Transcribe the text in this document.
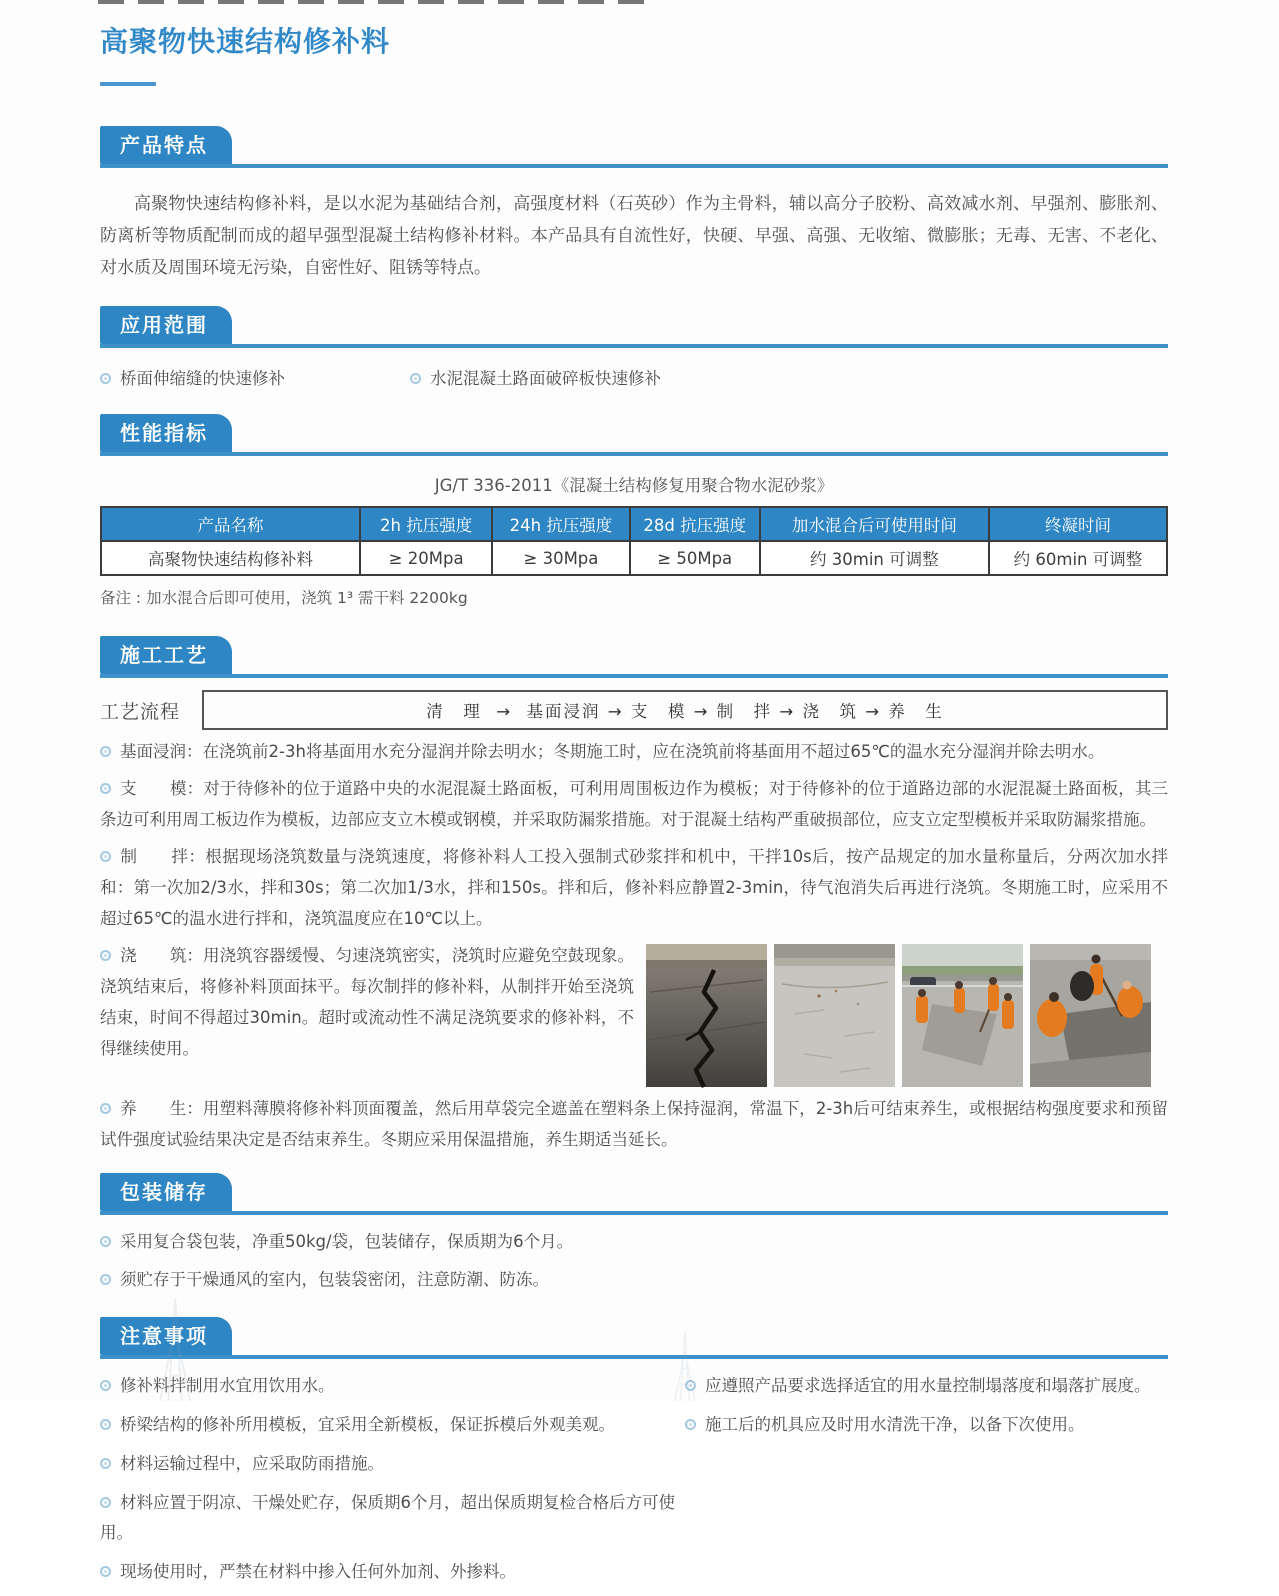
高聚物快速结构修补料
产品特点

高聚物快速结构修补料，是以水泥为基础结合剂，高强度材料（石英砂）作为主骨料，辅以高分子胶粉、高效减水剂、早强剂、膨胀剂、防离析等物质配制而成的超早强型混凝土结构修补材料。本产品具有自流性好，快硬、早强、高强、无收缩、微膨胀；无毒、无害、不老化、对水质及周围环境无污染，自密性好、阻锈等特点。

应用范围

桥面伸缩缝的快速修补	水泥混凝土路面破碎板快速修补

性能指标

JG/T 336-2011《混凝土结构修复用聚合物水泥砂浆》

产品名称	2h 抗压强度	24h 抗压强度	28d 抗压强度	加水混合后可使用时间	终凝时间
高聚物快速结构修补料	≥ 20Mpa	≥ 30Mpa	≥ 50Mpa	约 30min 可调整	约 60min 可调整

备注 : 加水混合后即可使用，浇筑 1³ 需干料 2200kg

施工工艺
工艺流程	清　理  →  基面浸润 → 支　模 → 制　拌 → 浇　筑 → 养　生

基面浸润：在浇筑前2-3h将基面用水充分湿润并除去明水；冬期施工时，应在浇筑前将基面用不超过65℃的温水充分湿润并除去明水。

支　　模：对于待修补的位于道路中央的水泥混凝土路面板，可利用周围板边作为模板；对于待修补的位于道路边部的水泥混凝土路面板，其三条边可利用周工板边作为模板，边部应支立木模或钢模，并采取防漏浆措施。对于混凝土结构严重破损部位，应支立定型模板并采取防漏浆措施。

制　　拌：根据现场浇筑数量与浇筑速度，将修补料人工投入强制式砂浆拌和机中，干拌10s后，按产品规定的加水量称量后，分两次加水拌和：第一次加2/3水，拌和30s；第二次加1/3水，拌和150s。拌和后，修补料应静置2-3min，待气泡消失后再进行浇筑。冬期施工时，应采用不超过65℃的温水进行拌和，浇筑温度应在10℃以上。

浇　　筑：用浇筑容器缓慢、匀速浇筑密实，浇筑时应避免空鼓现象。浇筑结束后，将修补料顶面抹平。每次制拌的修补料，从制拌开始至浇筑结束，时间不得超过30min。超时或流动性不满足浇筑要求的修补料，不得继续使用。

养　　生：用塑料薄膜将修补料顶面覆盖，然后用草袋完全遮盖在塑料条上保持湿润，常温下，2-3h后可结束养生，或根据结构强度要求和预留试件强度试验结果决定是否结束养生。冬期应采用保温措施，养生期适当延长。

包装储存

采用复合袋包装，净重50kg/袋，包装储存，保质期为6个月。

须贮存于干燥通风的室内，包装袋密闭，注意防潮、防冻。

注意事项

修补料拌制用水宜用饮用水。

桥梁结构的修补所用模板，宜采用全新模板，保证拆模后外观美观。

材料运输过程中，应采取防雨措施。

材料应置于阴凉、干燥处贮存，保质期6个月，超出保质期复检合格后方可使用。

现场使用时，严禁在材料中掺入任何外加剂、外掺料。

应遵照产品要求选择适宜的用水量控制塌落度和塌落扩展度。

施工后的机具应及时用水清洗干净，以备下次使用。
